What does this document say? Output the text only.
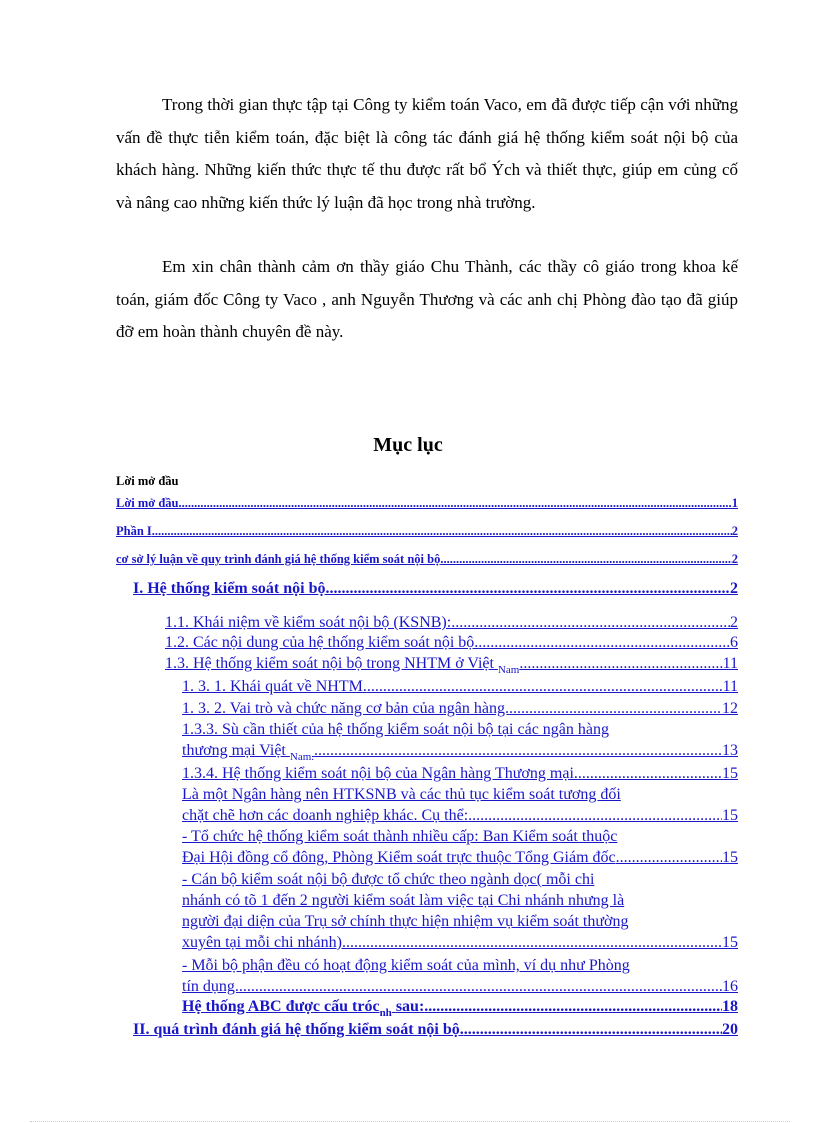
Trong thời gian thực tập tại Công ty kiểm toán Vaco, em đã được tiếp cận với những vấn đề thực tiễn kiểm toán, đặc biệt là công tác đánh giá hệ thống kiểm soát nội bộ của khách hàng. Những kiến thức thực tế thu được rất bổ Ých và thiết thực, giúp em củng cố và nâng cao những kiến thức lý luận đã học trong nhà trường.

Em xin chân thành cảm ơn thầy giáo Chu Thành, các thầy cô giáo trong khoa kế toán, giám đốc Công ty Vaco , anh Nguyễn Thương và các anh chị Phòng đào tạo đã giúp đỡ em hoàn thành chuyên đề này.

Mục lục
Lời mở đầu
Lời mở đầu .....	1
Phần I .....	2
cơ sở lý luận về quy trình đánh giá hệ thống kiểm soát nội bộ .....	2
I. Hệ thống kiểm soát nội bộ. .....	2
1.1. Khái niệm về kiểm soát nội bộ (KSNB): .....	2
1.2. Các nội dung của hệ thống kiểm soát nội bộ. .....	6
1.3. Hệ thống kiểm soát nội bộ trong NHTM ở Việt $_{Nam}$ .....	11
1. 3. 1. Khái quát về NHTM. .....	11
1. 3. 2. Vai trò và chức năng cơ bản của ngân hàng. .....	12
1.3.3. Sù cần thiết của hệ thống kiểm soát nội bộ tại các ngân hàng
thương mại Việt $_{Nam.}$ .....	13
1.3.4. Hệ thống kiểm soát nội bộ của Ngân hàng Thương mại. .....	15
Là một Ngân hàng nên HTKSNB và các thủ tục kiểm soát tương đối
chặt chẽ hơn các doanh nghiệp khác. Cụ thể: .....	15
- Tổ chức hệ thống kiểm soát thành nhiều cấp: Ban Kiểm soát thuộc
Đại Hội đồng cổ đông, Phòng Kiểm soát trực thuộc Tổng Giám đốc .....	15
- Cán bộ kiểm soát nội bộ được tổ chức theo ngành dọc( mỗi chi
nhánh có tõ 1 đến 2 người kiểm soát làm việc tại Chi nhánh nhưng là
người đại diện của Trụ sở chính thực hiện nhiệm vụ kiểm soát thường
xuyên tại mỗi chi nhánh). .....	15
- Mỗi bộ phận đều có hoạt động kiểm soát của mình, ví dụ như Phòng
tín dụng. .....	16
Hệ thống ABC được cấu tróc$_{nh}$ sau: .....	18
II. quá trình đánh giá hệ thống kiểm soát nội bộ. .....	20
